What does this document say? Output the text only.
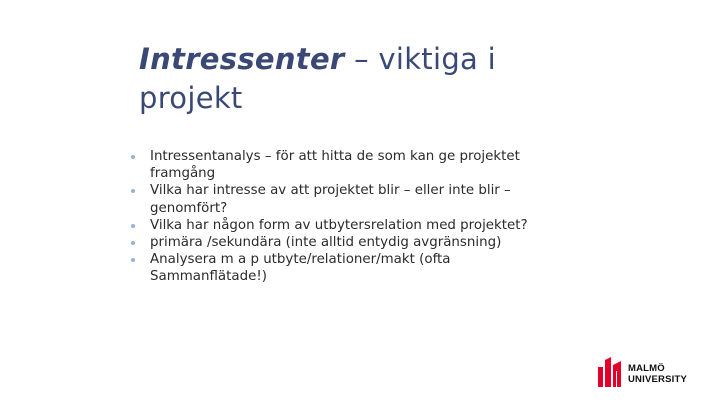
Intressenter – viktiga i projekt
Intressentanalys – för att hitta de som kan ge projektet framgång
Vilka har intresse av att projektet blir – eller inte blir – genomfört?
Vilka har någon form av utbytersrelation med projektet?
primära /sekundära (inte alltid entydig avgränsning)
Analysera m a p utbyte/relationer/makt (ofta Sammanflätade!)
MALMÖ
UNIVERSITY
